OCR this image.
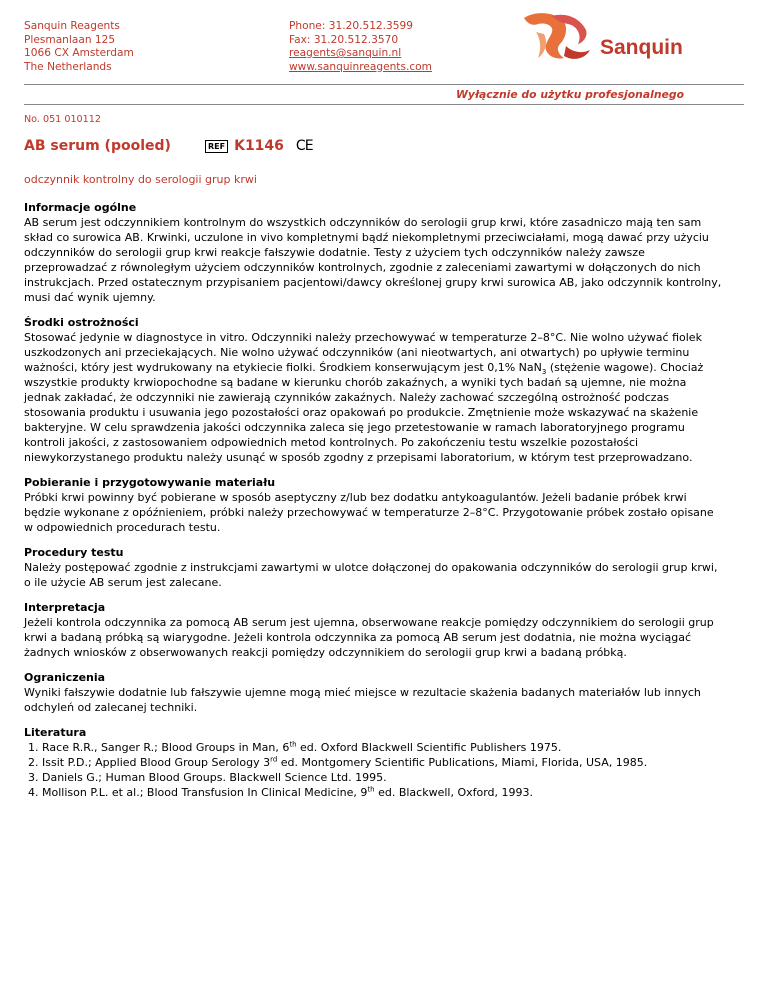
Sanquin Reagents
Plesmanlaan 125
1066 CX Amsterdam
The Netherlands
Phone: 31.20.512.3599
Fax: 31.20.512.3570
reagents@sanquin.nl
www.sanquinreagents.com
Sanquin
Wyłącznie do użytku profesjonalnego
No. 051 010112
AB serum (pooled)	REF K1146 CE
odczynnik kontrolny do serologii grup krwi
Informacje ogólne

AB serum jest odczynnikiem kontrolnym do wszystkich odczynników do serologii grup krwi, które zasadniczo mają ten sam skład co surowica AB. Krwinki, uczulone in vivo kompletnymi bądź niekompletnymi przeciwciałami, mogą dawać przy użyciu odczynników do serologii grup krwi reakcje fałszywie dodatnie. Testy z użyciem tych odczynników należy zawsze przeprowadzać z równoległym użyciem odczynników kontrolnych, zgodnie z zaleceniami zawartymi w dołączonych do nich instrukcjach. Przed ostatecznym przypisaniem pacjentowi/dawcy określonej grupy krwi surowica AB, jako odczynnik kontrolny, musi dać wynik ujemny.

Środki ostrożności

Stosować jedynie w diagnostyce in vitro. Odczynniki należy przechowywać w temperaturze 2–8°C. Nie wolno używać fiolek uszkodzonych ani przeciekających. Nie wolno używać odczynników (ani nieotwartych, ani otwartych) po upływie terminu ważności, który jest wydrukowany na etykiecie fiolki. Środkiem konserwującym jest 0,1% NaN$_3$ (stężenie wagowe). Chociaż wszystkie produkty krwiopochodne są badane w kierunku chorób zakaźnych, a wyniki tych badań są ujemne, nie można jednak zakładać, że odczynniki nie zawierają czynników zakaźnych. Należy zachować szczególną ostrożność podczas stosowania produktu i usuwania jego pozostałości oraz opakowań po produkcie. Zmętnienie może wskazywać na skażenie bakteryjne. W celu sprawdzenia jakości odczynnika zaleca się jego przetestowanie w ramach laboratoryjnego programu kontroli jakości, z zastosowaniem odpowiednich metod kontrolnych. Po zakończeniu testu wszelkie pozostałości niewykorzystanego produktu należy usunąć w sposób zgodny z przepisami laboratorium, w którym test przeprowadzano.

Pobieranie i przygotowywanie materiału

Próbki krwi powinny być pobierane w sposób aseptyczny z/lub bez dodatku antykoagulantów. Jeżeli badanie próbek krwi będzie wykonane z opóźnieniem, próbki należy przechowywać w temperaturze 2–8°C. Przygotowanie próbek zostało opisane w odpowiednich procedurach testu.

Procedury testu

Należy postępować zgodnie z instrukcjami zawartymi w ulotce dołączonej do opakowania odczynników do serologii grup krwi, o ile użycie AB serum jest zalecane.

Interpretacja

Jeżeli kontrola odczynnika za pomocą AB serum jest ujemna, obserwowane reakcje pomiędzy odczynnikiem do serologii grup krwi a badaną próbką są wiarygodne. Jeżeli kontrola odczynnika za pomocą AB serum jest dodatnia, nie można wyciągać żadnych wniosków z obserwowanych reakcji pomiędzy odczynnikiem do serologii grup krwi a badaną próbką.

Ograniczenia

Wyniki fałszywie dodatnie lub fałszywie ujemne mogą mieć miejsce w rezultacie skażenia badanych materiałów lub innych odchyleń od zalecanej techniki.

Literatura
1. Race R.R., Sanger R.; Blood Groups in Man, 6th ed. Oxford Blackwell Scientific Publishers 1975.
2. Issit P.D.; Applied Blood Group Serology 3rd ed. Montgomery Scientific Publications, Miami, Florida, USA, 1985.
3. Daniels G.; Human Blood Groups. Blackwell Science Ltd. 1995.
4. Mollison P.L. et al.; Blood Transfusion In Clinical Medicine, 9th ed. Blackwell, Oxford, 1993.
